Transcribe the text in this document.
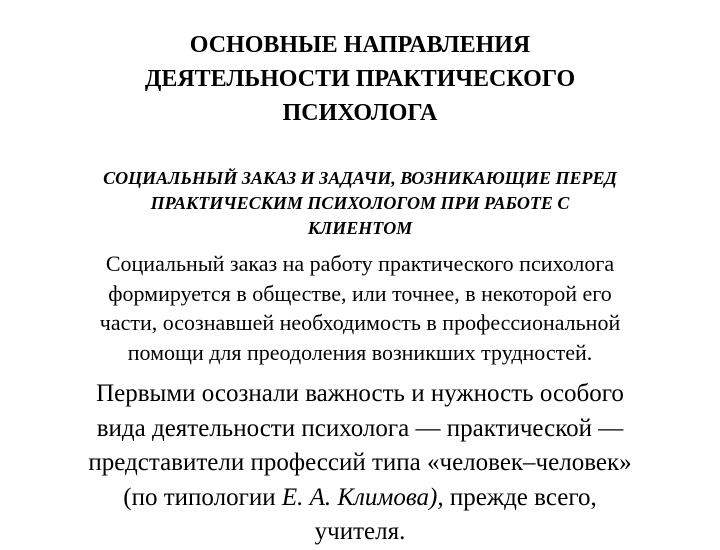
ОСНОВНЫЕ НАПРАВЛЕНИЯ
ДЕЯТЕЛЬНОСТИ ПРАКТИЧЕСКОГО
ПСИХОЛОГА
СОЦИАЛЬНЫЙ ЗАКАЗ И ЗАДАЧИ, ВОЗНИКАЮЩИЕ ПЕРЕД
ПРАКТИЧЕСКИМ ПСИХОЛОГОМ ПРИ РАБОТЕ С
КЛИЕНТОМ
Социальный заказ на работу практического психолога
формируется в обществе, или точнее, в некоторой его
части, осознавшей необходимость в профессиональной
помощи для преодоления возникших трудностей.
Первыми осознали важность и нужность особого
вида деятельности психолога — практической —
представители профессий типа «человек–человек»
(по типологии Е. А. Климова), прежде всего,
учителя.
